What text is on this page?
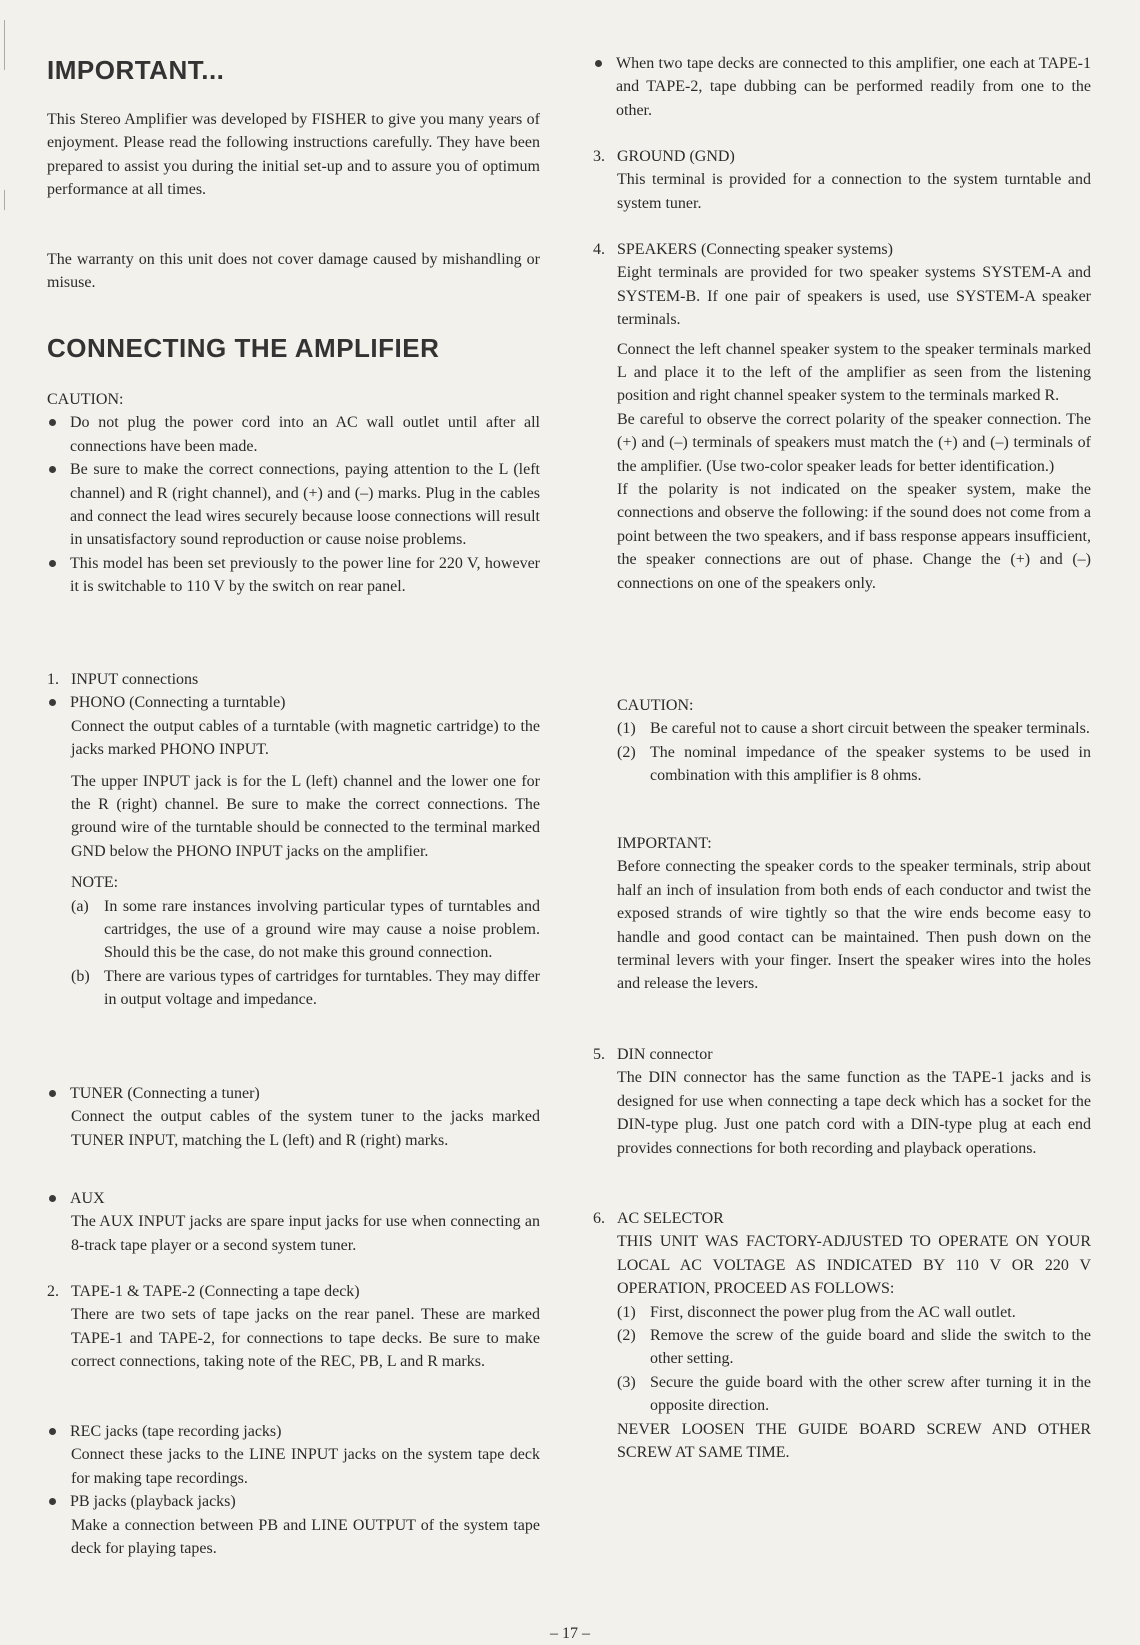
IMPORTANT...

This Stereo Amplifier was developed by FISHER to give you many years of enjoyment. Please read the following instructions carefully. They have been prepared to assist you during the initial set-up and to assure you of optimum performance at all times.

The warranty on this unit does not cover damage caused by mishandling or misuse.

CONNECTING THE AMPLIFIER

CAUTION:

Do not plug the power cord into an AC wall outlet until after all connections have been made.

Be sure to make the correct connections, paying attention to the L (left channel) and R (right channel), and (+) and (–) marks. Plug in the cables and connect the lead wires securely because loose connections will result in unsatisfactory sound reproduction or cause noise problems.

This model has been set previously to the power line for 220 V, however it is switchable to 110 V by the switch on rear panel.

1. INPUT connections

PHONO (Connecting a turntable)

Connect the output cables of a turntable (with magnetic cartridge) to the jacks marked PHONO INPUT.

The upper INPUT jack is for the L (left) channel and the lower one for the R (right) channel. Be sure to make the correct connections. The ground wire of the turntable should be connected to the terminal marked GND below the PHONO INPUT jacks on the amplifier.

NOTE:

(a) In some rare instances involving particular types of turntables and cartridges, the use of a ground wire may cause a noise problem. Should this be the case, do not make this ground connection.

(b) There are various types of cartridges for turntables. They may differ in output voltage and impedance.

TUNER (Connecting a tuner)

Connect the output cables of the system tuner to the jacks marked TUNER INPUT, matching the L (left) and R (right) marks.

AUX

The AUX INPUT jacks are spare input jacks for use when connecting an 8-track tape player or a second system tuner.

2. TAPE-1 & TAPE-2 (Connecting a tape deck)

There are two sets of tape jacks on the rear panel. These are marked TAPE-1 and TAPE-2, for connections to tape decks. Be sure to make correct connections, taking note of the REC, PB, L and R marks.

REC jacks (tape recording jacks)

Connect these jacks to the LINE INPUT jacks on the system tape deck for making tape recordings.

PB jacks (playback jacks)

Make a connection between PB and LINE OUTPUT of the system tape deck for playing tapes.

When two tape decks are connected to this amplifier, one each at TAPE-1 and TAPE-2, tape dubbing can be performed readily from one to the other.

3. GROUND (GND)

This terminal is provided for a connection to the system turntable and system tuner.

4. SPEAKERS (Connecting speaker systems)

Eight terminals are provided for two speaker systems SYSTEM-A and SYSTEM-B. If one pair of speakers is used, use SYSTEM-A speaker terminals.

Connect the left channel speaker system to the speaker terminals marked L and place it to the left of the amplifier as seen from the listening position and right channel speaker system to the terminals marked R.

Be careful to observe the correct polarity of the speaker connection. The (+) and (–) terminals of speakers must match the (+) and (–) terminals of the amplifier. (Use two-color speaker leads for better identification.)

If the polarity is not indicated on the speaker system, make the connections and observe the following: if the sound does not come from a point between the two speakers, and if bass response appears insufficient, the speaker connections are out of phase. Change the (+) and (–) connections on one of the speakers only.

CAUTION:

(1) Be careful not to cause a short circuit between the speaker terminals.

(2) The nominal impedance of the speaker systems to be used in combination with this amplifier is 8 ohms.

IMPORTANT:

Before connecting the speaker cords to the speaker terminals, strip about half an inch of insulation from both ends of each conductor and twist the exposed strands of wire tightly so that the wire ends become easy to handle and good contact can be maintained. Then push down on the terminal levers with your finger. Insert the speaker wires into the holes and release the levers.

5. DIN connector

The DIN connector has the same function as the TAPE-1 jacks and is designed for use when connecting a tape deck which has a socket for the DIN-type plug. Just one patch cord with a DIN-type plug at each end provides connections for both recording and playback operations.

6. AC SELECTOR

THIS UNIT WAS FACTORY-ADJUSTED TO OPERATE ON YOUR LOCAL AC VOLTAGE AS INDICATED BY 110 V OR 220 V OPERATION, PROCEED AS FOLLOWS:

(1) First, disconnect the power plug from the AC wall outlet.

(2) Remove the screw of the guide board and slide the switch to the other setting.

(3) Secure the guide board with the other screw after turning it in the opposite direction.

NEVER LOOSEN THE GUIDE BOARD SCREW AND OTHER SCREW AT SAME TIME.

– 17 –
